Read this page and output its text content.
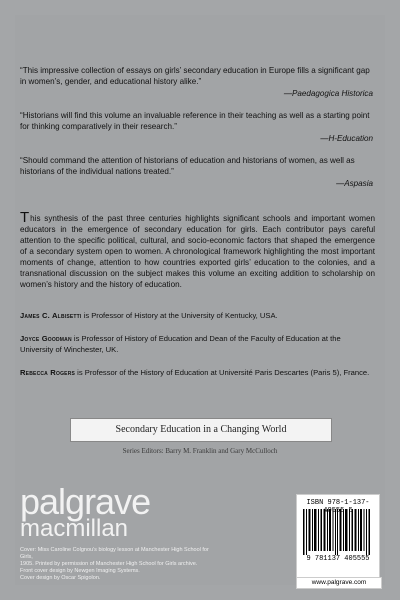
“This impressive collection of essays on girls’ secondary education in Europe fills a significant gap in women’s, gender, and educational history alike.”

—Paedagogica Historica

“Historians will find this volume an invaluable reference in their teaching as well as a starting point for thinking comparatively in their research.”

—H-Education

“Should command the attention of historians of education and historians of women, as well as historians of the individual nations treated.”

—Aspasia

This synthesis of the past three centuries highlights significant schools and important women educators in the emergence of secondary education for girls. Each contributor pays careful attention to the specific political, cultural, and socio-economic factors that shaped the emergence of a secondary system open to women. A chronological framework highlighting the most important moments of change, attention to how countries exported girls’ education to the colonies, and a transnational discussion on the subject makes this volume an exciting addition to scholarship on women’s history and the history of education.

James C. Albisetti is Professor of History at the University of Kentucky, USA.

Joyce Goodman is Professor of History of Education and Dean of the Faculty of Education at the University of Winchester, UK.

Rebecca Rogers is Professor of the History of Education at Université Paris Descartes (Paris 5), France.

Secondary Education in a Changing World
Series Editors: Barry M. Franklin and Gary McCulloch
palgrave
macmillan
Cover: Miss Caroline Colgnou’s biology lesson at Manchester High School for Girls,
1905. Printed by permission of Manchester High School for Girls archive.
Front cover design by Newgen Imaging Systems.
Cover design by Oscar Spigolon.
ISBN 978-1-137- 555-5
9 781137 405555
www.palgrave.com
